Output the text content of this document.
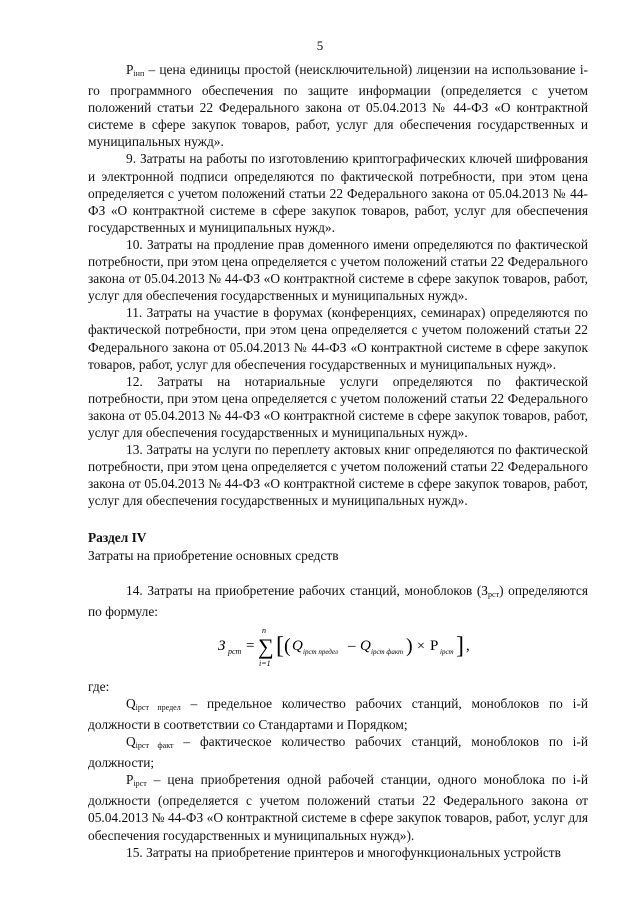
5

$P_{iнп}$ – цена единицы простой (неисключительной) лицензии на использование i-го программного обеспечения по защите информации (определяется с учетом положений статьи 22 Федерального закона от 05.04.2013 № 44-ФЗ «О контрактной системе в сфере закупок товаров, работ, услуг для обеспечения государственных и муниципальных нужд».

9. Затраты на работы по изготовлению криптографических ключей шифрования и электронной подписи определяются по фактической потребности, при этом цена определяется с учетом положений статьи 22 Федерального закона от 05.04.2013 № 44-ФЗ «О контрактной системе в сфере закупок товаров, работ, услуг для обеспечения государственных и муниципальных нужд».

10. Затраты на продление прав доменного имени определяются по фактической потребности, при этом цена определяется с учетом положений статьи 22 Федерального закона от 05.04.2013 № 44-ФЗ «О контрактной системе в сфере закупок товаров, работ, услуг для обеспечения государственных и муниципальных нужд».

11. Затраты на участие в форумах (конференциях, семинарах) определяются по фактической потребности, при этом цена определяется с учетом положений статьи 22 Федерального закона от 05.04.2013 № 44-ФЗ «О контрактной системе в сфере закупок товаров, работ, услуг для обеспечения государственных и муниципальных нужд».

12. Затраты на нотариальные услуги определяются по фактической потребности, при этом цена определяется с учетом положений статьи 22 Федерального закона от 05.04.2013 № 44-ФЗ «О контрактной системе в сфере закупок товаров, работ, услуг для обеспечения государственных и муниципальных нужд».

13. Затраты на услуги по переплету актовых книг определяются по фактической потребности, при этом цена определяется с учетом положений статьи 22 Федерального закона от 05.04.2013 № 44-ФЗ «О контрактной системе в сфере закупок товаров, работ, услуг для обеспечения государственных и муниципальных нужд».

Раздел IV

Затраты на приобретение основных средств

14. Затраты на приобретение рабочих станций, моноблоков $(З_{рст})$ определяются по формуле:

З рст =
n
∑
i=1
[ ( Q iрст предел – Q iрст факт ) × P iрст ] ,

где:

$Q_{iрст предел}$ – предельное количество рабочих станций, моноблоков по i-й должности в соответствии со Стандартами и Порядком;

$Q_{iрст факт}$ – фактическое количество рабочих станций, моноблоков по i-й должности;

$P_{iрст}$ – цена приобретения одной рабочей станции, одного моноблока по i-й должности (определяется с учетом положений статьи 22 Федерального закона от 05.04.2013 № 44-ФЗ «О контрактной системе в сфере закупок товаров, работ, услуг для обеспечения государственных и муниципальных нужд»).

15. Затраты на приобретение принтеров и многофункциональных устройств
